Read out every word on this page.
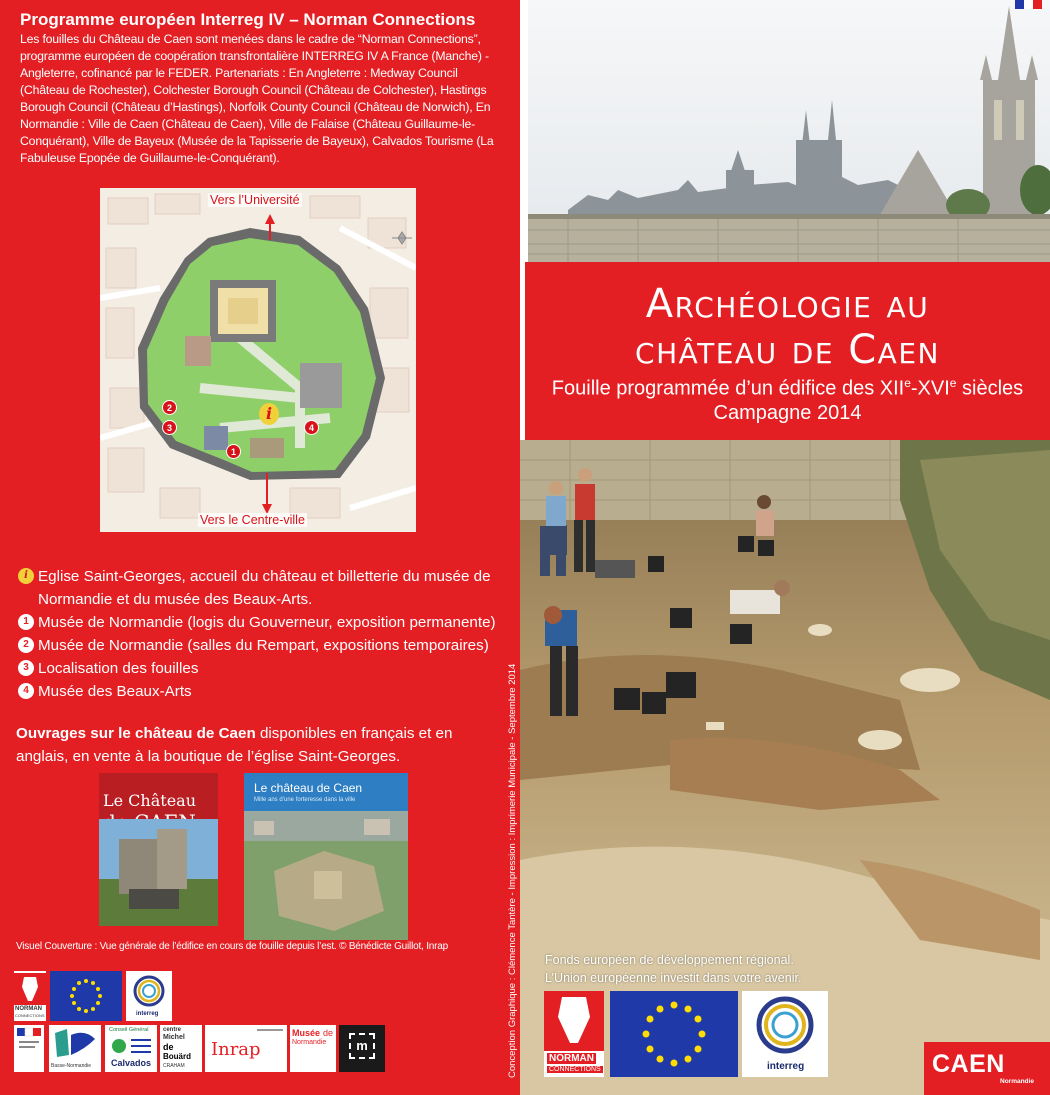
Programme européen Interreg IV – Norman Connections
Les fouilles du Château de Caen sont menées dans le cadre de “Norman Connections”, programme européen de coopération transfrontalière INTERREG IV A France (Manche) - Angleterre, cofinancé par le FEDER. Partenariats : En Angleterre : Medway Council (Château de Rochester), Colchester Borough Council (Château de Colchester), Hastings Borough Council (Château d’Hastings), Norfolk County Council (Château de Norwich), En Normandie : Ville de Caen (Château de Caen), Ville de Falaise (Château Guillaume-le-Conquérant), Ville de Bayeux (Musée de la Tapisserie de Bayeux), Calvados Tourisme (La Fabuleuse Epopée de Guillaume-le-Conquérant).
Vers l’Université
Vers le Centre-ville
2
3
1
4
i
i Eglise Saint-Georges, accueil du château et billetterie du musée de Normandie et du musée des Beaux-Arts.
1 Musée de Normandie (logis du Gouverneur, exposition permanente)
2 Musée de Normandie (salles du Rempart, expositions temporaires)
3 Localisation des fouilles
4 Musée des Beaux-Arts
Ouvrages sur le château de Caen disponibles en français et en anglais, en vente à la boutique de l’église Saint-Georges.
Le Château
Le château de Caen
Mille ans d’une forteresse dans la ville
Visuel Couverture : Vue générale de l’édifice en cours de fouille depuis l’est. © Bénédicte Guillot, Inrap
NORMAN
CONNECTIONS	interreg
Basse-Normandie
Conseil Général
Calvados
centre
Michel
de
Bouärd
CRAHAM
Inrap
Musée de
Normandie	m	Conception Graphique : Clémence Tantère - Impression : Imprimerie Municipale - Septembre 2014
Archéologie au
château de Caen
Fouille programmée d’un édifice des XIIe-XVIe siècles
Campagne 2014
Fonds européen de développement régional.
L’Union européenne investit dans votre avenir.
NORMAN
CONNECTIONS	interreg	CAEN
Normandie
